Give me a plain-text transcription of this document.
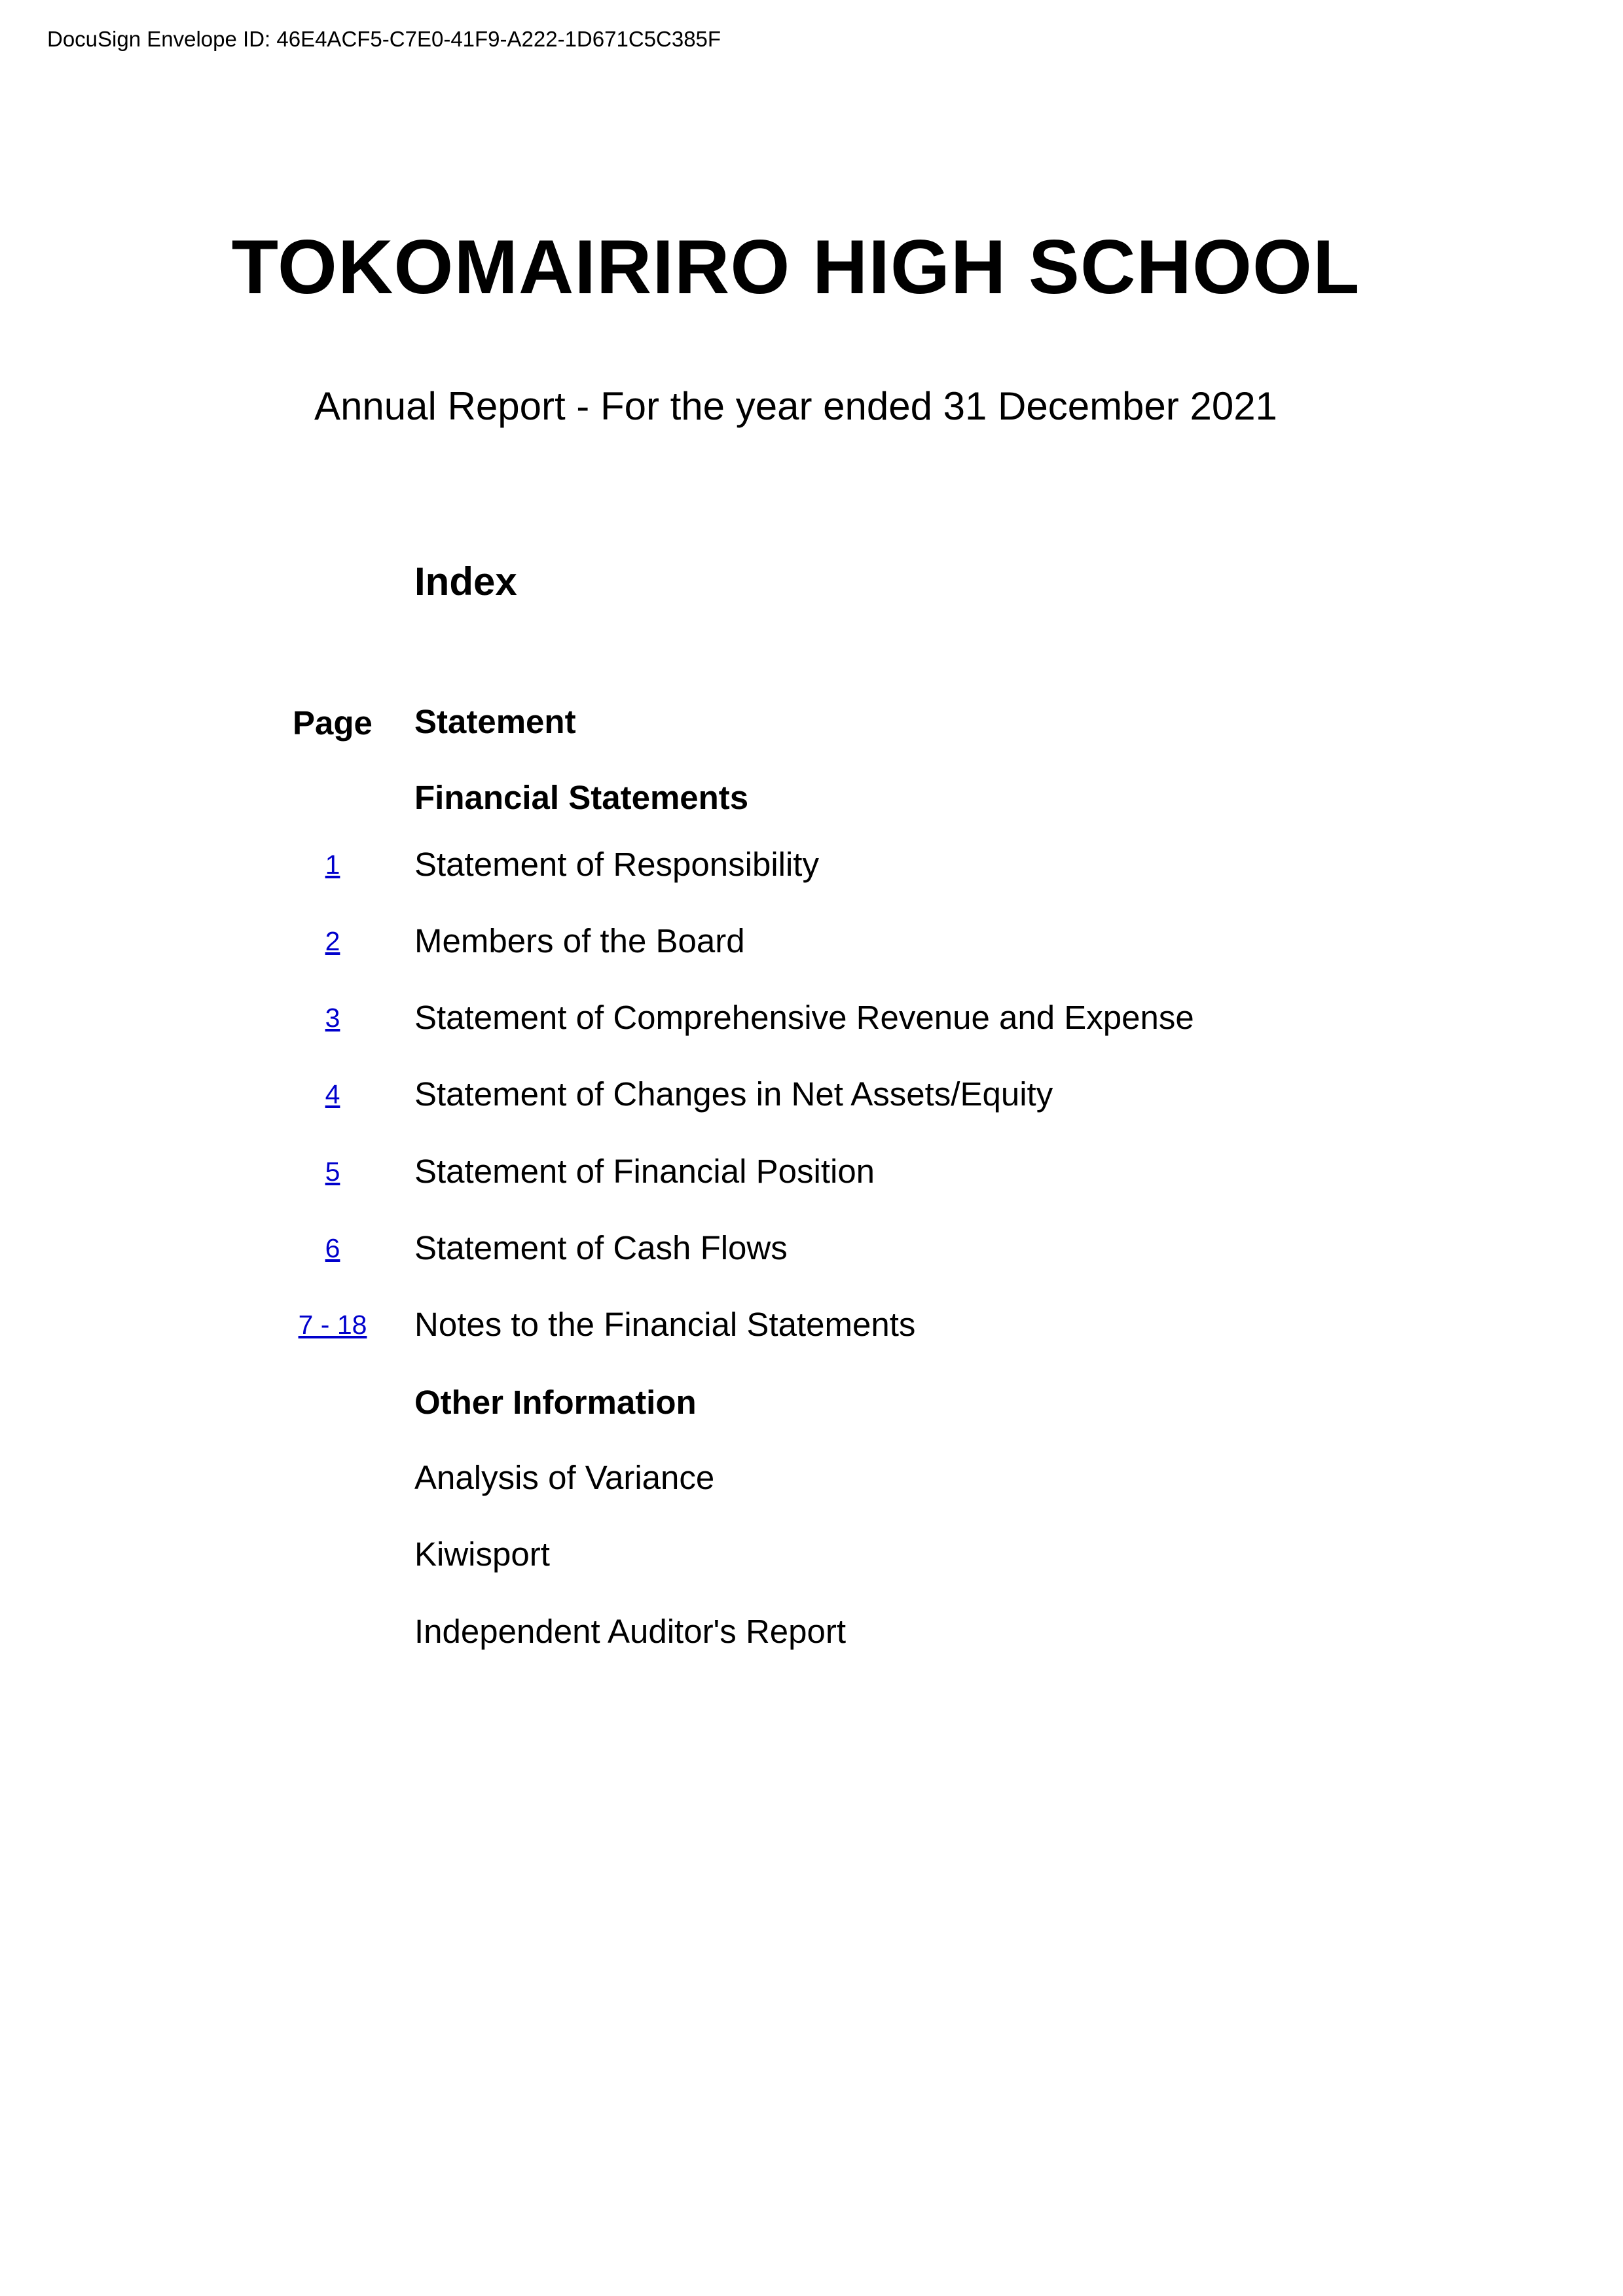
DocuSign Envelope ID: 46E4ACF5-C7E0-41F9-A222-1D671C5C385F
TOKOMAIRIRO HIGH SCHOOL
Annual Report - For the year ended 31 December 2021
Index
Page Statement
Financial Statements
1	Statement of Responsibility
2	Members of the Board
3	Statement of Comprehensive Revenue and Expense
4	Statement of Changes in Net Assets/Equity
5	Statement of Financial Position
6	Statement of Cash Flows
7 - 18	Notes to the Financial Statements
Other Information
Analysis of Variance
Kiwisport
Independent Auditor's Report
